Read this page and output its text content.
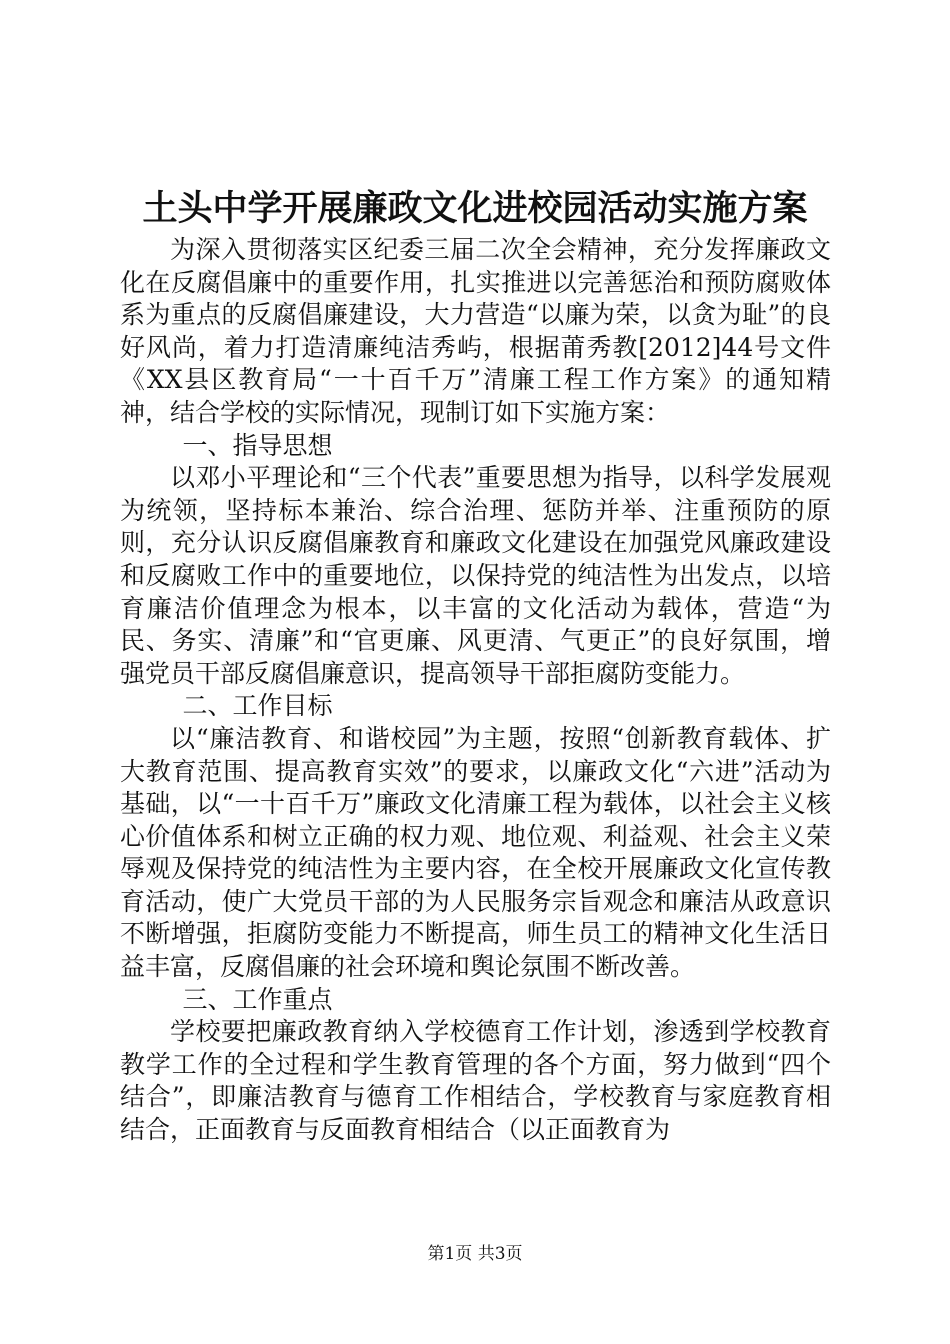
土头中学开展廉政文化进校园活动实施方案

为深入贯彻落实区纪委三届二次全会精神，充分发挥廉政文化在反腐倡廉中的重要作用，扎实推进以完善惩治和预防腐败体系为重点的反腐倡廉建设，大力营造“以廉为荣，以贪为耻”的良好风尚，着力打造清廉纯洁秀屿，根据莆秀教[2012]44号文件《XX县区教育局“一十百千万”清廉工程工作方案》的通知精神，结合学校的实际情况，现制订如下实施方案：

一、指导思想

以邓小平理论和“三个代表”重要思想为指导，以科学发展观为统领，坚持标本兼治、综合治理、惩防并举、注重预防的原则，充分认识反腐倡廉教育和廉政文化建设在加强党风廉政建设和反腐败工作中的重要地位，以保持党的纯洁性为出发点，以培育廉洁价值理念为根本，以丰富的文化活动为载体，营造“为民、务实、清廉”和“官更廉、风更清、气更正”的良好氛围，增强党员干部反腐倡廉意识，提高领导干部拒腐防变能力。

二、工作目标

以“廉洁教育、和谐校园”为主题，按照“创新教育载体、扩大教育范围、提高教育实效”的要求，以廉政文化“六进”活动为基础，以“一十百千万”廉政文化清廉工程为载体，以社会主义核心价值体系和树立正确的权力观、地位观、利益观、社会主义荣辱观及保持党的纯洁性为主要内容，在全校开展廉政文化宣传教育活动，使广大党员干部的为人民服务宗旨观念和廉洁从政意识不断增强，拒腐防变能力不断提高，师生员工的精神文化生活日益丰富，反腐倡廉的社会环境和舆论氛围不断改善。

三、工作重点

学校要把廉政教育纳入学校德育工作计划，渗透到学校教育教学工作的全过程和学生教育管理的各个方面，努力做到“四个结合”，即廉洁教育与德育工作相结合，学校教育与家庭教育相结合，正面教育与反面教育相结合（以正面教育为

第1页 共3页
